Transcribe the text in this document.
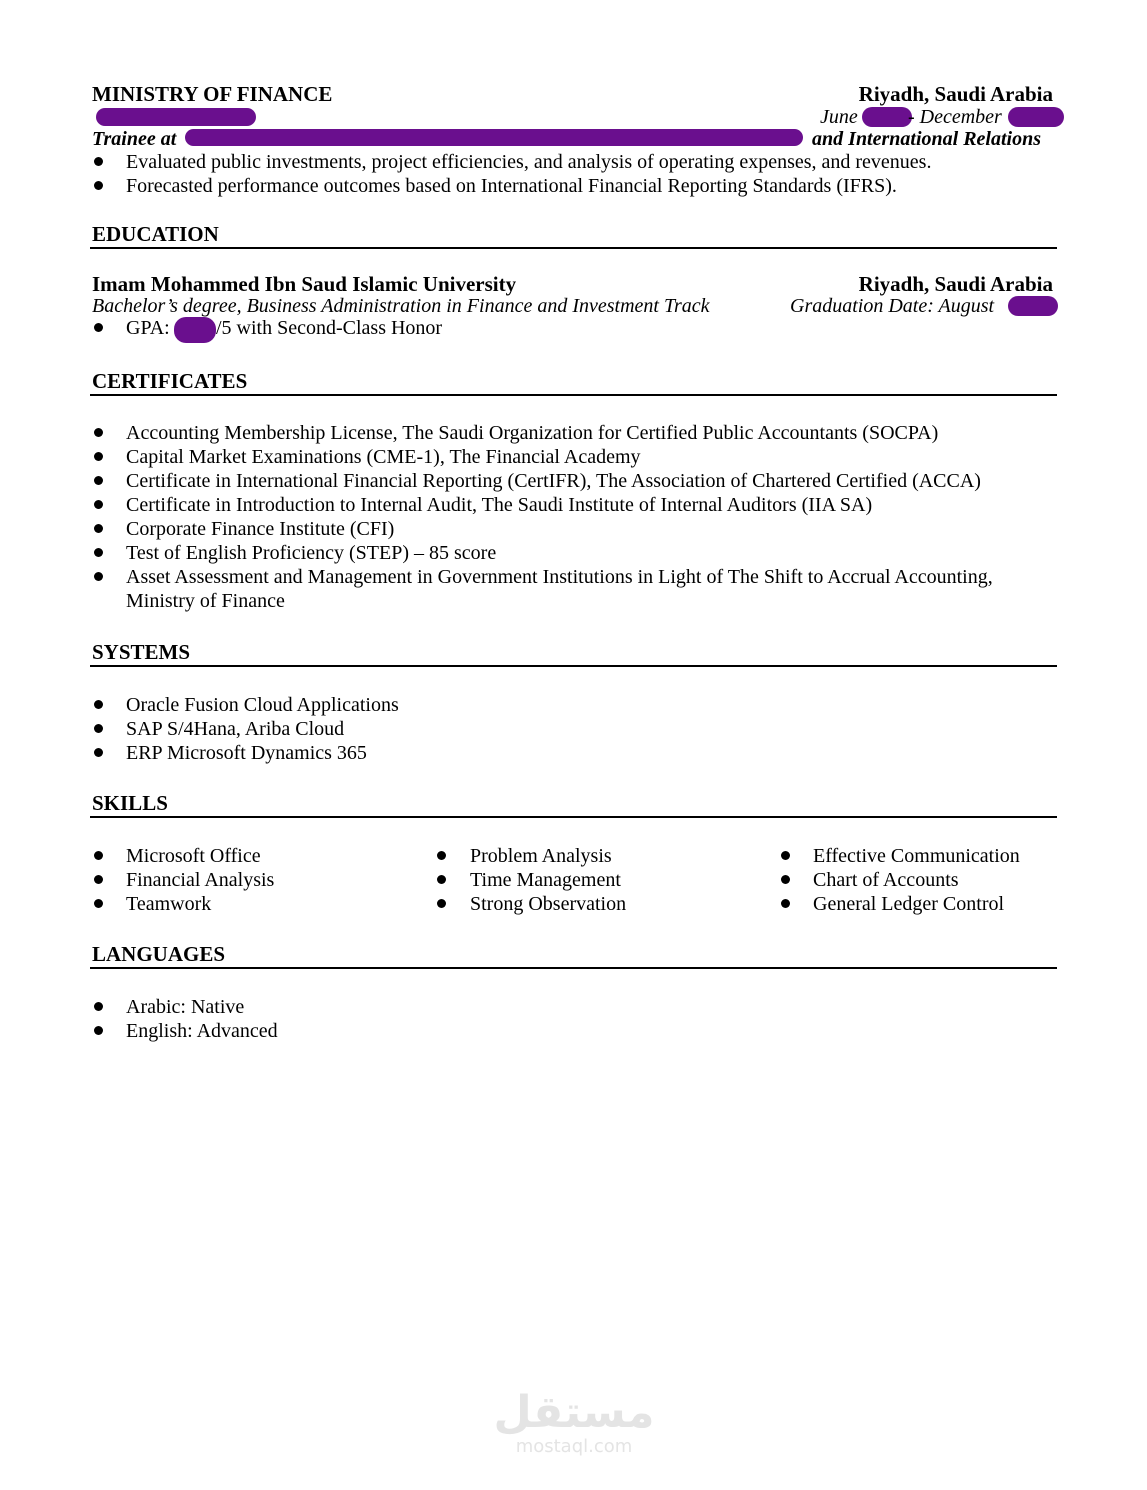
MINISTRY OF FINANCE	Riyadh, Saudi Arabia
June	- December
Trainee at	and International Relations
Evaluated public investments, project efficiencies, and analysis of operating expenses, and revenues.
Forecasted performance outcomes based on International Financial Reporting Standards (IFRS).
EDUCATION
Imam Mohammed Ibn Saud Islamic University	Riyadh, Saudi Arabia
Bachelor’s degree, Business Administration in Finance and Investment Track	Graduation Date: August
GPA: /5 with Second-Class Honor
CERTIFICATES
Accounting Membership License, The Saudi Organization for Certified Public Accountants (SOCPA)
Capital Market Examinations (CME-1), The Financial Academy
Certificate in International Financial Reporting (CertIFR), The Association of Chartered Certified (ACCA)
Certificate in Introduction to Internal Audit, The Saudi Institute of Internal Auditors (IIA SA)
Corporate Finance Institute (CFI)
Test of English Proficiency (STEP) – 85 score
Asset Assessment and Management in Government Institutions in Light of The Shift to Accrual Accounting,
Ministry of Finance
SYSTEMS
Oracle Fusion Cloud Applications
SAP S/4Hana, Ariba Cloud
ERP Microsoft Dynamics 365
SKILLS
Microsoft Office
Financial Analysis
Teamwork
Problem Analysis
Time Management
Strong Observation
Effective Communication
Chart of Accounts
General Ledger Control
LANGUAGES
Arabic: Native
English: Advanced
مستقل
mostaql.com
